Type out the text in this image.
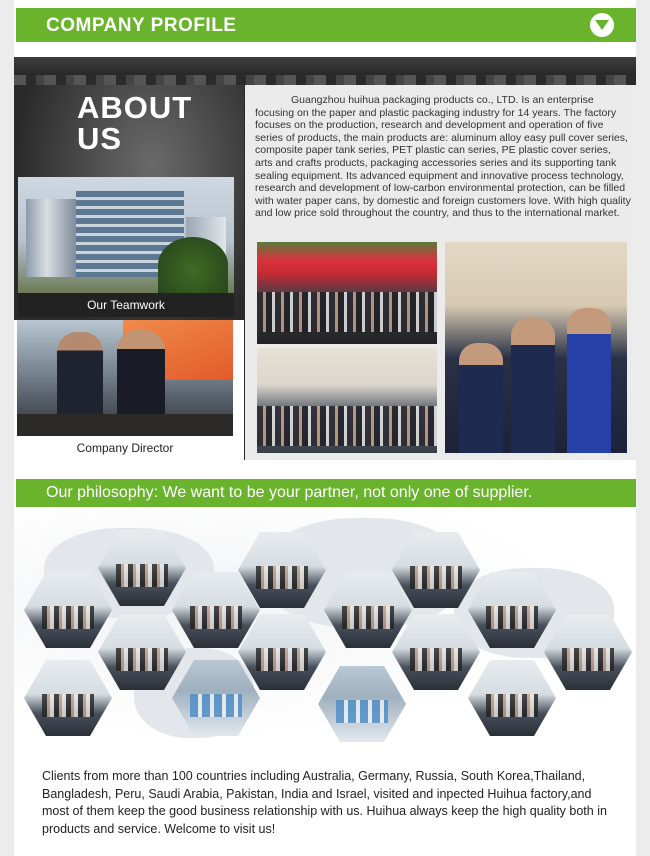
COMPANY PROFILE
ABOUT
US
Our Teamwork
Company Director

Guangzhou huihua packaging products co., LTD. Is an enterprise focusing on the paper and plastic packaging industry for 14 years. The factory focuses on the production, research and development and operation of five series of products, the main products are: aluminum alloy easy pull cover series, composite paper tank series, PET plastic can series, PE plastic cover series, arts and crafts products, packaging accessories series and its supporting tank sealing equipment. Its advanced equipment and innovative process technology, research and development of low-carbon environmental protection, can be filled with water paper cans, by domestic and foreign customers love. With high quality and low price sold throughout the country, and thus to the international market.

Our philosophy: We want to be your partner, not only one of supplier.

Clients from more than 100 countries including Australia, Germany, Russia, South Korea,Thailand, Bangladesh, Peru, Saudi Arabia, Pakistan, India and Israel, visited and inpected Huihua factory,and most of them keep the good business relationship with us. Huihua always keep the high quality both in products and service. Welcome to visit us!
